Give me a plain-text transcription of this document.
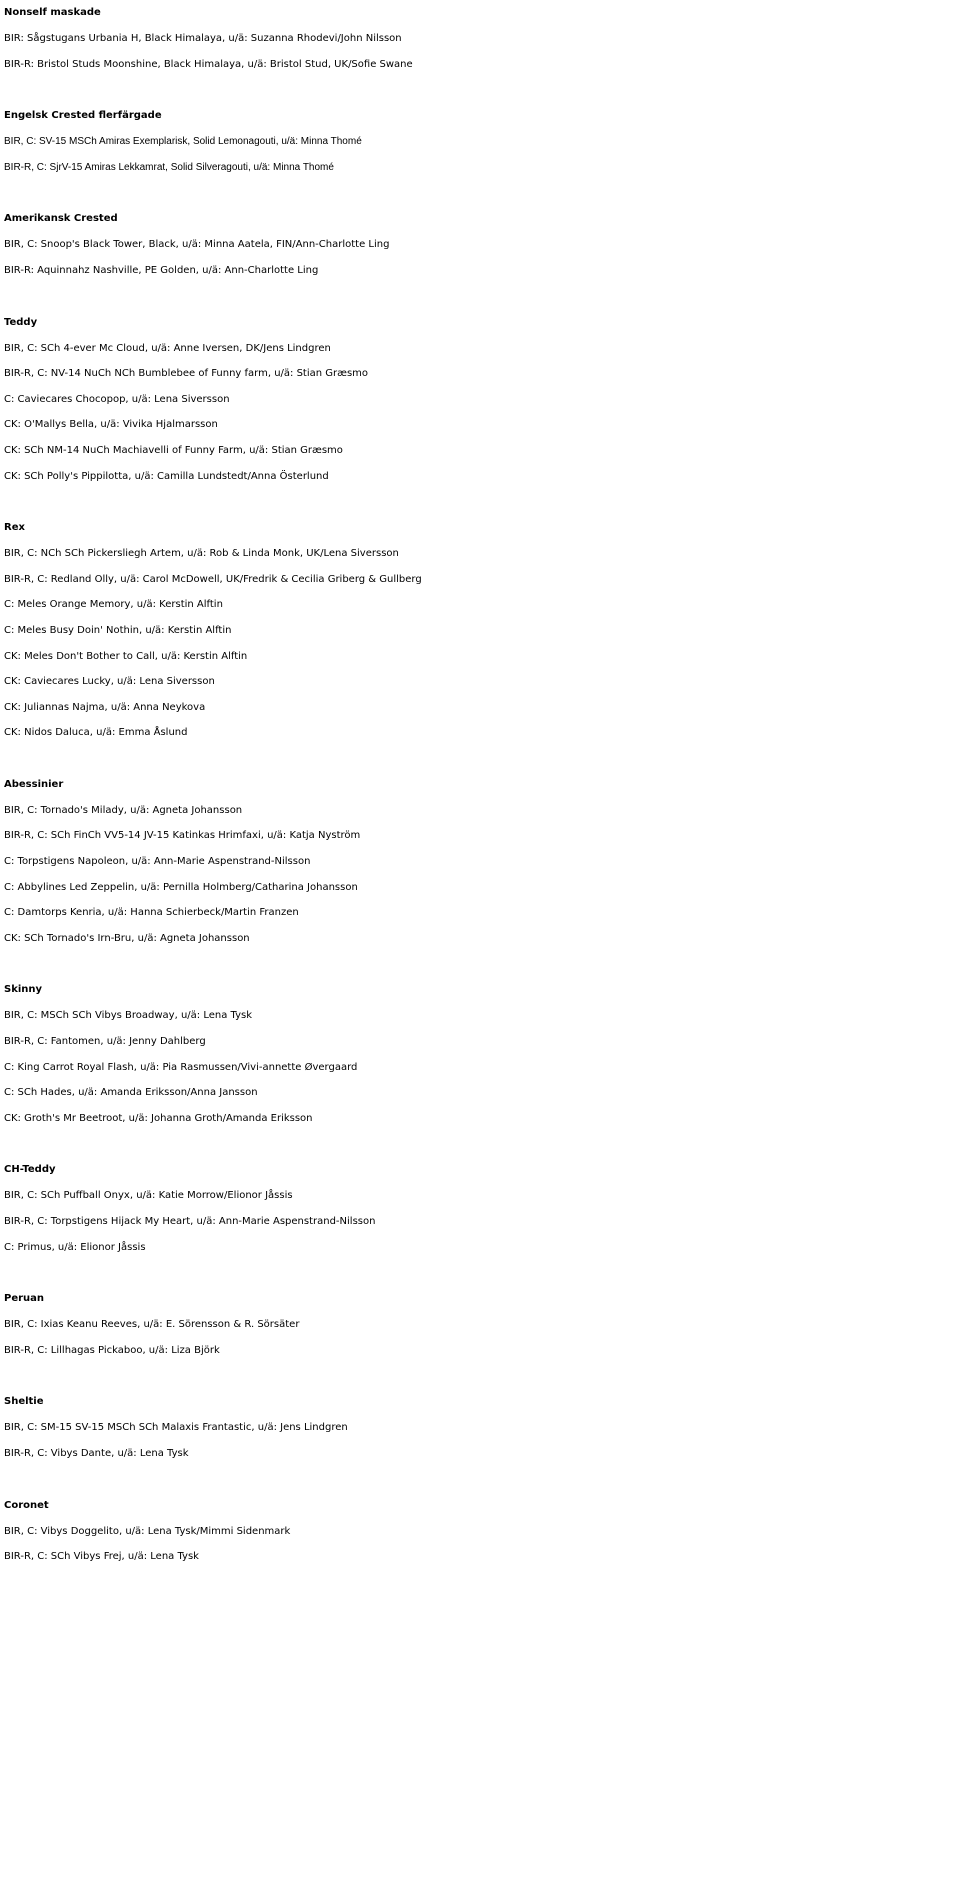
Nonself maskade
BIR: Sågstugans Urbania H, Black Himalaya, u/ä: Suzanna Rhodevi/John Nilsson
BIR-R: Bristol Studs Moonshine, Black Himalaya, u/ä: Bristol Stud, UK/Sofie Swane
Engelsk Crested flerfärgade
BIR, C: SV-15 MSCh Amiras Exemplarisk, Solid Lemonagouti, u/ä: Minna Thomé
BIR-R, C: SjrV-15 Amiras Lekkamrat, Solid Silveragouti, u/ä: Minna Thomé
Amerikansk Crested
BIR, C: Snoop's Black Tower, Black, u/ä: Minna Aatela, FIN/Ann-Charlotte Ling
BIR-R: Aquinnahz Nashville, PE Golden, u/ä: Ann-Charlotte Ling
Teddy
BIR, C: SCh 4-ever Mc Cloud, u/ä: Anne Iversen, DK/Jens Lindgren
BIR-R, C: NV-14 NuCh NCh Bumblebee of Funny farm, u/ä: Stian Græsmo
C: Caviecares Chocopop, u/ä: Lena Siversson
CK: O'Mallys Bella, u/ä: Vivika Hjalmarsson
CK: SCh NM-14 NuCh Machiavelli of Funny Farm, u/ä: Stian Græsmo
CK: SCh Polly's Pippilotta, u/ä: Camilla Lundstedt/Anna Österlund
Rex
BIR, C: NCh SCh Pickersliegh Artem, u/ä: Rob & Linda Monk, UK/Lena Siversson
BIR-R, C: Redland Olly, u/ä: Carol McDowell, UK/Fredrik & Cecilia Griberg & Gullberg
C: Meles Orange Memory, u/ä: Kerstin Alftin
C: Meles Busy Doin' Nothin, u/ä: Kerstin Alftin
CK: Meles Don't Bother to Call, u/ä: Kerstin Alftin
CK: Caviecares Lucky, u/ä: Lena Siversson
CK: Juliannas Najma, u/ä: Anna Neykova
CK: Nidos Daluca, u/ä: Emma Åslund
Abessinier
BIR, C: Tornado's Milady, u/ä: Agneta Johansson
BIR-R, C: SCh FinCh VV5-14 JV-15 Katinkas Hrimfaxi, u/ä: Katja Nyström
C: Torpstigens Napoleon, u/ä: Ann-Marie Aspenstrand-Nilsson
C: Abbylines Led Zeppelin, u/ä: Pernilla Holmberg/Catharina Johansson
C: Damtorps Kenria, u/ä: Hanna Schierbeck/Martin Franzen
CK: SCh Tornado's Irn-Bru, u/ä: Agneta Johansson
Skinny
BIR, C: MSCh SCh Vibys Broadway, u/ä: Lena Tysk
BIR-R, C: Fantomen, u/ä: Jenny Dahlberg
C: King Carrot Royal Flash, u/ä: Pia Rasmussen/Vivi-annette Øvergaard
C: SCh Hades, u/ä: Amanda Eriksson/Anna Jansson
CK: Groth's Mr Beetroot, u/ä: Johanna Groth/Amanda Eriksson
CH-Teddy
BIR, C: SCh Puffball Onyx, u/ä: Katie Morrow/Elionor Jåssis
BIR-R, C: Torpstigens Hijack My Heart, u/ä: Ann-Marie Aspenstrand-Nilsson
C: Primus, u/ä: Elionor Jåssis
Peruan
BIR, C: Ixias Keanu Reeves, u/ä: E. Sörensson & R. Sörsäter
BIR-R, C: Lillhagas Pickaboo, u/ä: Liza Björk
Sheltie
BIR, C: SM-15 SV-15 MSCh SCh Malaxis Frantastic, u/ä: Jens Lindgren
BIR-R, C: Vibys Dante, u/ä: Lena Tysk
Coronet
BIR, C: Vibys Doggelito, u/ä: Lena Tysk/Mimmi Sidenmark
BIR-R, C: SCh Vibys Frej, u/ä: Lena Tysk
